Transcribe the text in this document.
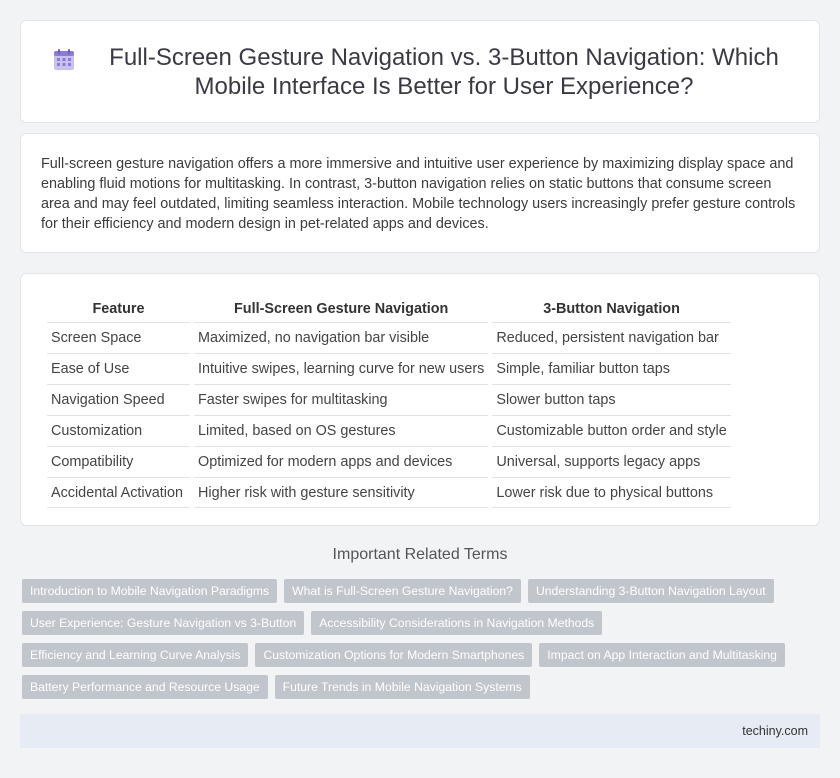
Full-Screen Gesture Navigation vs. 3-Button Navigation: Which Mobile Interface Is Better for User Experience?

Full-screen gesture navigation offers a more immersive and intuitive user experience by maximizing display space and enabling fluid motions for multitasking. In contrast, 3-button navigation relies on static buttons that consume screen area and may feel outdated, limiting seamless interaction. Mobile technology users increasingly prefer gesture controls for their efficiency and modern design in pet-related apps and devices.

Feature	Full-Screen Gesture Navigation	3-Button Navigation
Screen Space	Maximized, no navigation bar visible	Reduced, persistent navigation bar
Ease of Use	Intuitive swipes, learning curve for new users	Simple, familiar button taps
Navigation Speed	Faster swipes for multitasking	Slower button taps
Customization	Limited, based on OS gestures	Customizable button order and style
Compatibility	Optimized for modern apps and devices	Universal, supports legacy apps
Accidental Activation	Higher risk with gesture sensitivity	Lower risk due to physical buttons
Important Related Terms
Introduction to Mobile Navigation Paradigms	What is Full-Screen Gesture Navigation?	Understanding 3-Button Navigation Layout
User Experience: Gesture Navigation vs 3-Button	Accessibility Considerations in Navigation Methods
Efficiency and Learning Curve Analysis	Customization Options for Modern Smartphones	Impact on App Interaction and Multitasking
Battery Performance and Resource Usage	Future Trends in Mobile Navigation Systems
techiny.com
